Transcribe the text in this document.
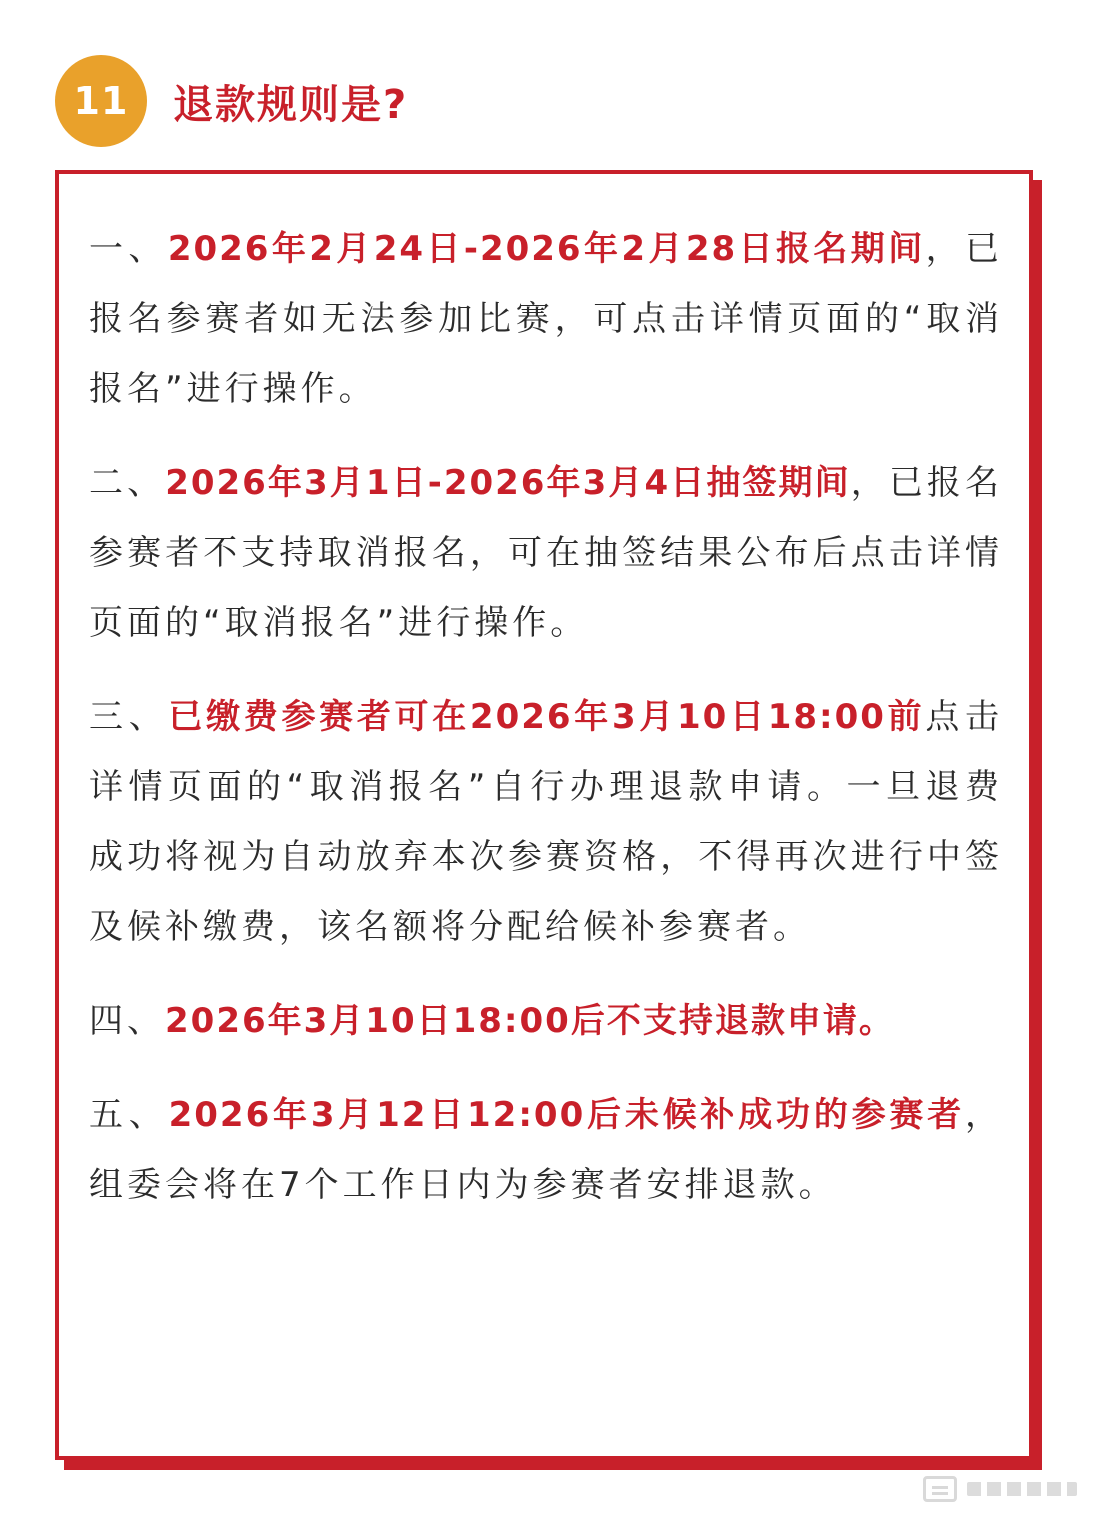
11	退款规则是?

一、2026年2月24日-2026年2月28日报名期间，已报名参赛者如无法参加比赛，可点击详情页面的“取消报名”进行操作。

二、2026年3月1日-2026年3月4日抽签期间，已报名参赛者不支持取消报名，可在抽签结果公布后点击详情页面的“取消报名”进行操作。

三、已缴费参赛者可在2026年3月10日18:00前点击详情页面的“取消报名”自行办理退款申请。一旦退费成功将视为自动放弃本次参赛资格，不得再次进行中签及候补缴费，该名额将分配给候补参赛者。

四、2026年3月10日18:00后不支持退款申请。

五、2026年3月12日12:00后未候补成功的参赛者，组委会将在7个工作日内为参赛者安排退款。
